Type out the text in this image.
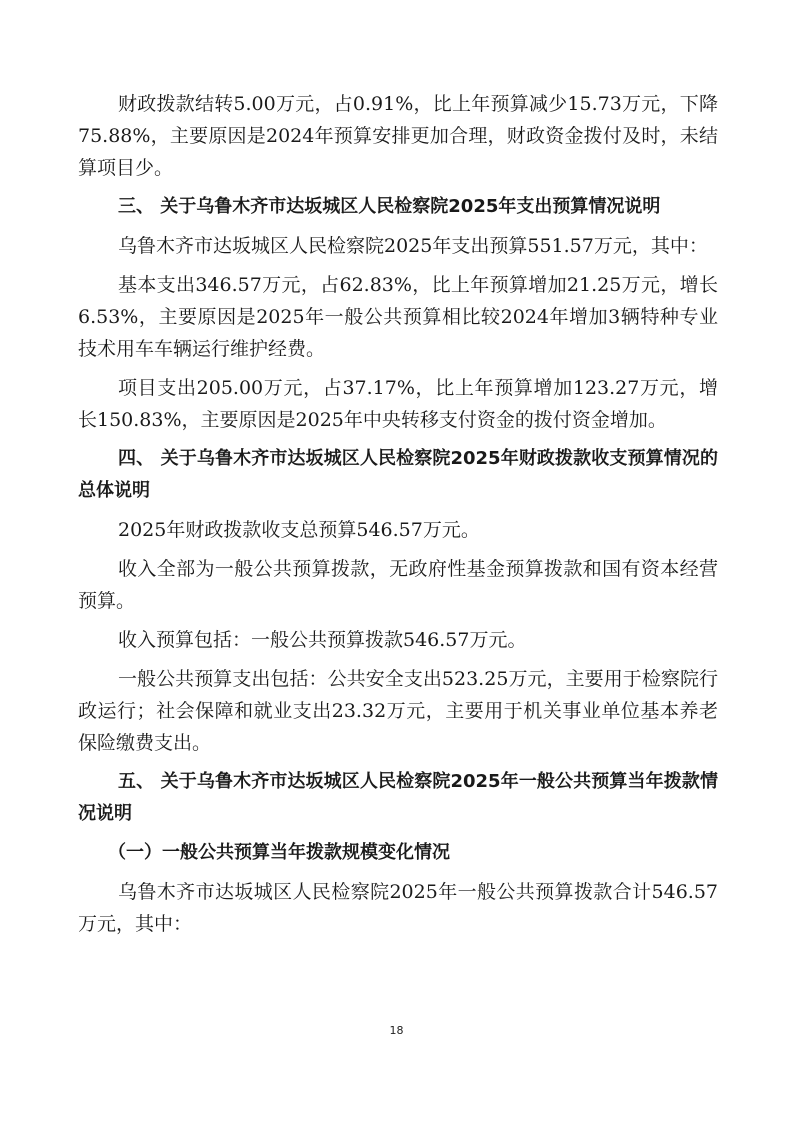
财政拨款结转5.00万元，占0.91%，比上年预算减少15.73万元，下降75.88%，主要原因是2024年预算安排更加合理，财政资金拨付及时，未结算项目少。

三、 关于乌鲁木齐市达坂城区人民检察院2025年支出预算情况说明

乌鲁木齐市达坂城区人民检察院2025年支出预算551.57万元，其中：

基本支出346.57万元，占62.83%，比上年预算增加21.25万元，增长6.53%，主要原因是2025年一般公共预算相比较2024年增加3辆特种专业技术用车车辆运行维护经费。

项目支出205.00万元，占37.17%，比上年预算增加123.27万元，增长150.83%，主要原因是2025年中央转移支付资金的拨付资金增加。

四、 关于乌鲁木齐市达坂城区人民检察院2025年财政拨款收支预算情况的总体说明

2025年财政拨款收支总预算546.57万元。

收入全部为一般公共预算拨款，无政府性基金预算拨款和国有资本经营预算。

收入预算包括：一般公共预算拨款546.57万元。

一般公共预算支出包括：公共安全支出523.25万元，主要用于检察院行政运行；社会保障和就业支出23.32万元，主要用于机关事业单位基本养老保险缴费支出。

五、 关于乌鲁木齐市达坂城区人民检察院2025年一般公共预算当年拨款情况说明

（一）一般公共预算当年拨款规模变化情况

乌鲁木齐市达坂城区人民检察院2025年一般公共预算拨款合计546.57万元，其中：

18
